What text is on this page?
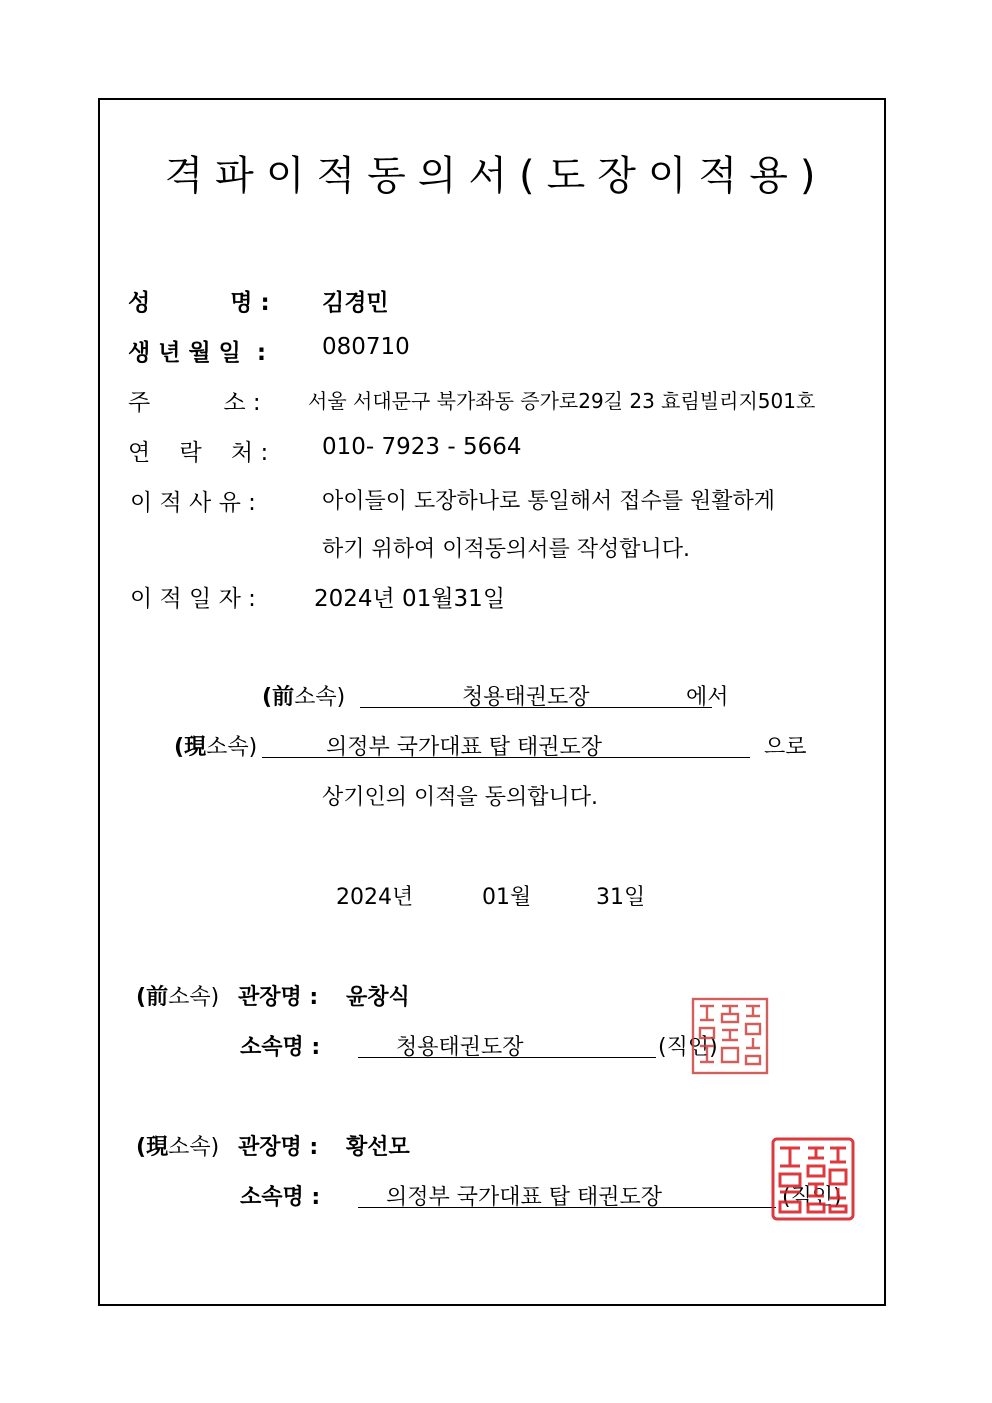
격파이적동의서(도장이적용)
성          명 : 김경민
생 년 월 일  : 080710
주          소 : 서울 서대문구 북가좌동 증가로29길 23 효림빌리지501호
연    락    처 : 010- 7923 - 5664
이 적 사 유 :	아이들이 도장하나로 통일해서 접수를 원활하게
하기 위하여 이적동의서를 작성합니다.
이 적 일 자 :	2024년 01월31일
(前소속)	청용태권도장	에서
(現소속)	의정부 국가대표 탑 태권도장	으로
상기인의 이적을 동의합니다.
2024년	01월	31일
(前소속) 관장명 : 윤창식
소속명 :	청용태권도장	(직인)
(現소속) 관장명 : 황선모
소속명 :	의정부 국가대표 탑 태권도장	(직인)
